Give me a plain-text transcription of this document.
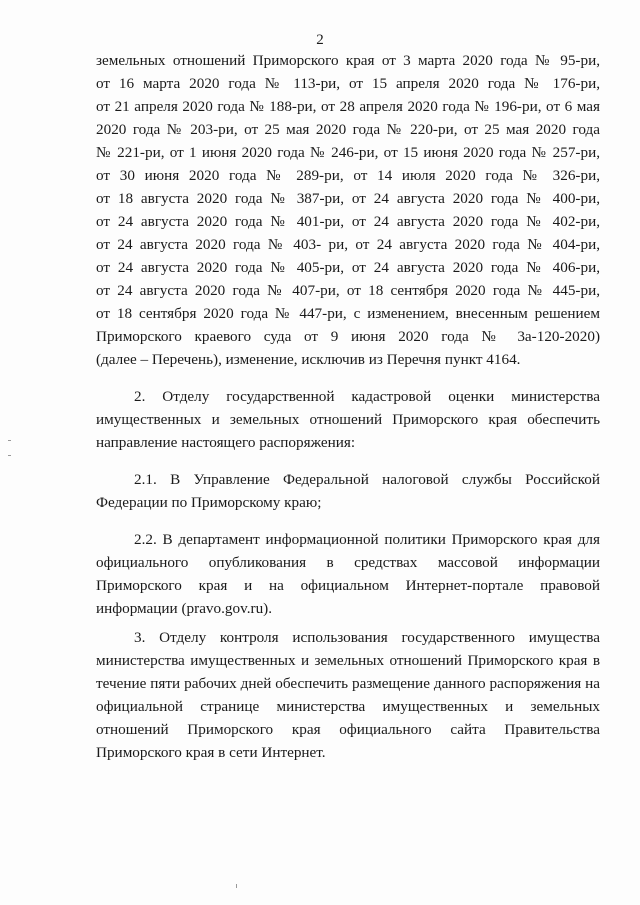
2
земельных отношений Приморского края от 3 марта 2020 года № 95-ри,
от 16 марта 2020 года № 113-ри, от 15 апреля 2020 года № 176-ри,
от 21 апреля 2020 года № 188-ри, от 28 апреля 2020 года № 196-ри, от 6 мая
2020 года № 203-ри, от 25 мая 2020 года № 220-ри, от 25 мая 2020 года
№ 221-ри, от 1 июня 2020 года № 246-ри, от 15 июня 2020 года № 257-ри,
от 30 июня 2020 года № 289-ри, от 14 июля 2020 года № 326-ри,
от 18 августа 2020 года № 387-ри, от 24 августа 2020 года № 400-ри,
от 24 августа 2020 года № 401-ри, от 24 августа 2020 года № 402-ри,
от 24 августа 2020 года № 403- ри, от 24 августа 2020 года № 404-ри,
от 24 августа 2020 года № 405-ри, от 24 августа 2020 года № 406-ри,
от 24 августа 2020 года № 407-ри, от 18 сентября 2020 года № 445-ри,
от 18 сентября 2020 года № 447-ри, с изменением, внесенным решением
Приморского краевого суда от 9 июня 2020 года № 3а-120-2020)
(далее – Перечень), изменение, исключив из Перечня пункт 4164.
2. Отделу государственной кадастровой оценки министерства
имущественных и земельных отношений Приморского края обеспечить
направление настоящего распоряжения:
2.1. В Управление Федеральной налоговой службы Российской
Федерации по Приморскому краю;
2.2. В департамент информационной политики Приморского края для
официального опубликования в средствах массовой информации
Приморского края и на официальном Интернет-портале правовой
информации (pravo.gov.ru).
3. Отделу контроля использования государственного имущества
министерства имущественных и земельных отношений Приморского края в
течение пяти рабочих дней обеспечить размещение данного распоряжения на
официальной странице министерства имущественных и земельных
отношений Приморского края официального сайта Правительства
Приморского края в сети Интернет.
